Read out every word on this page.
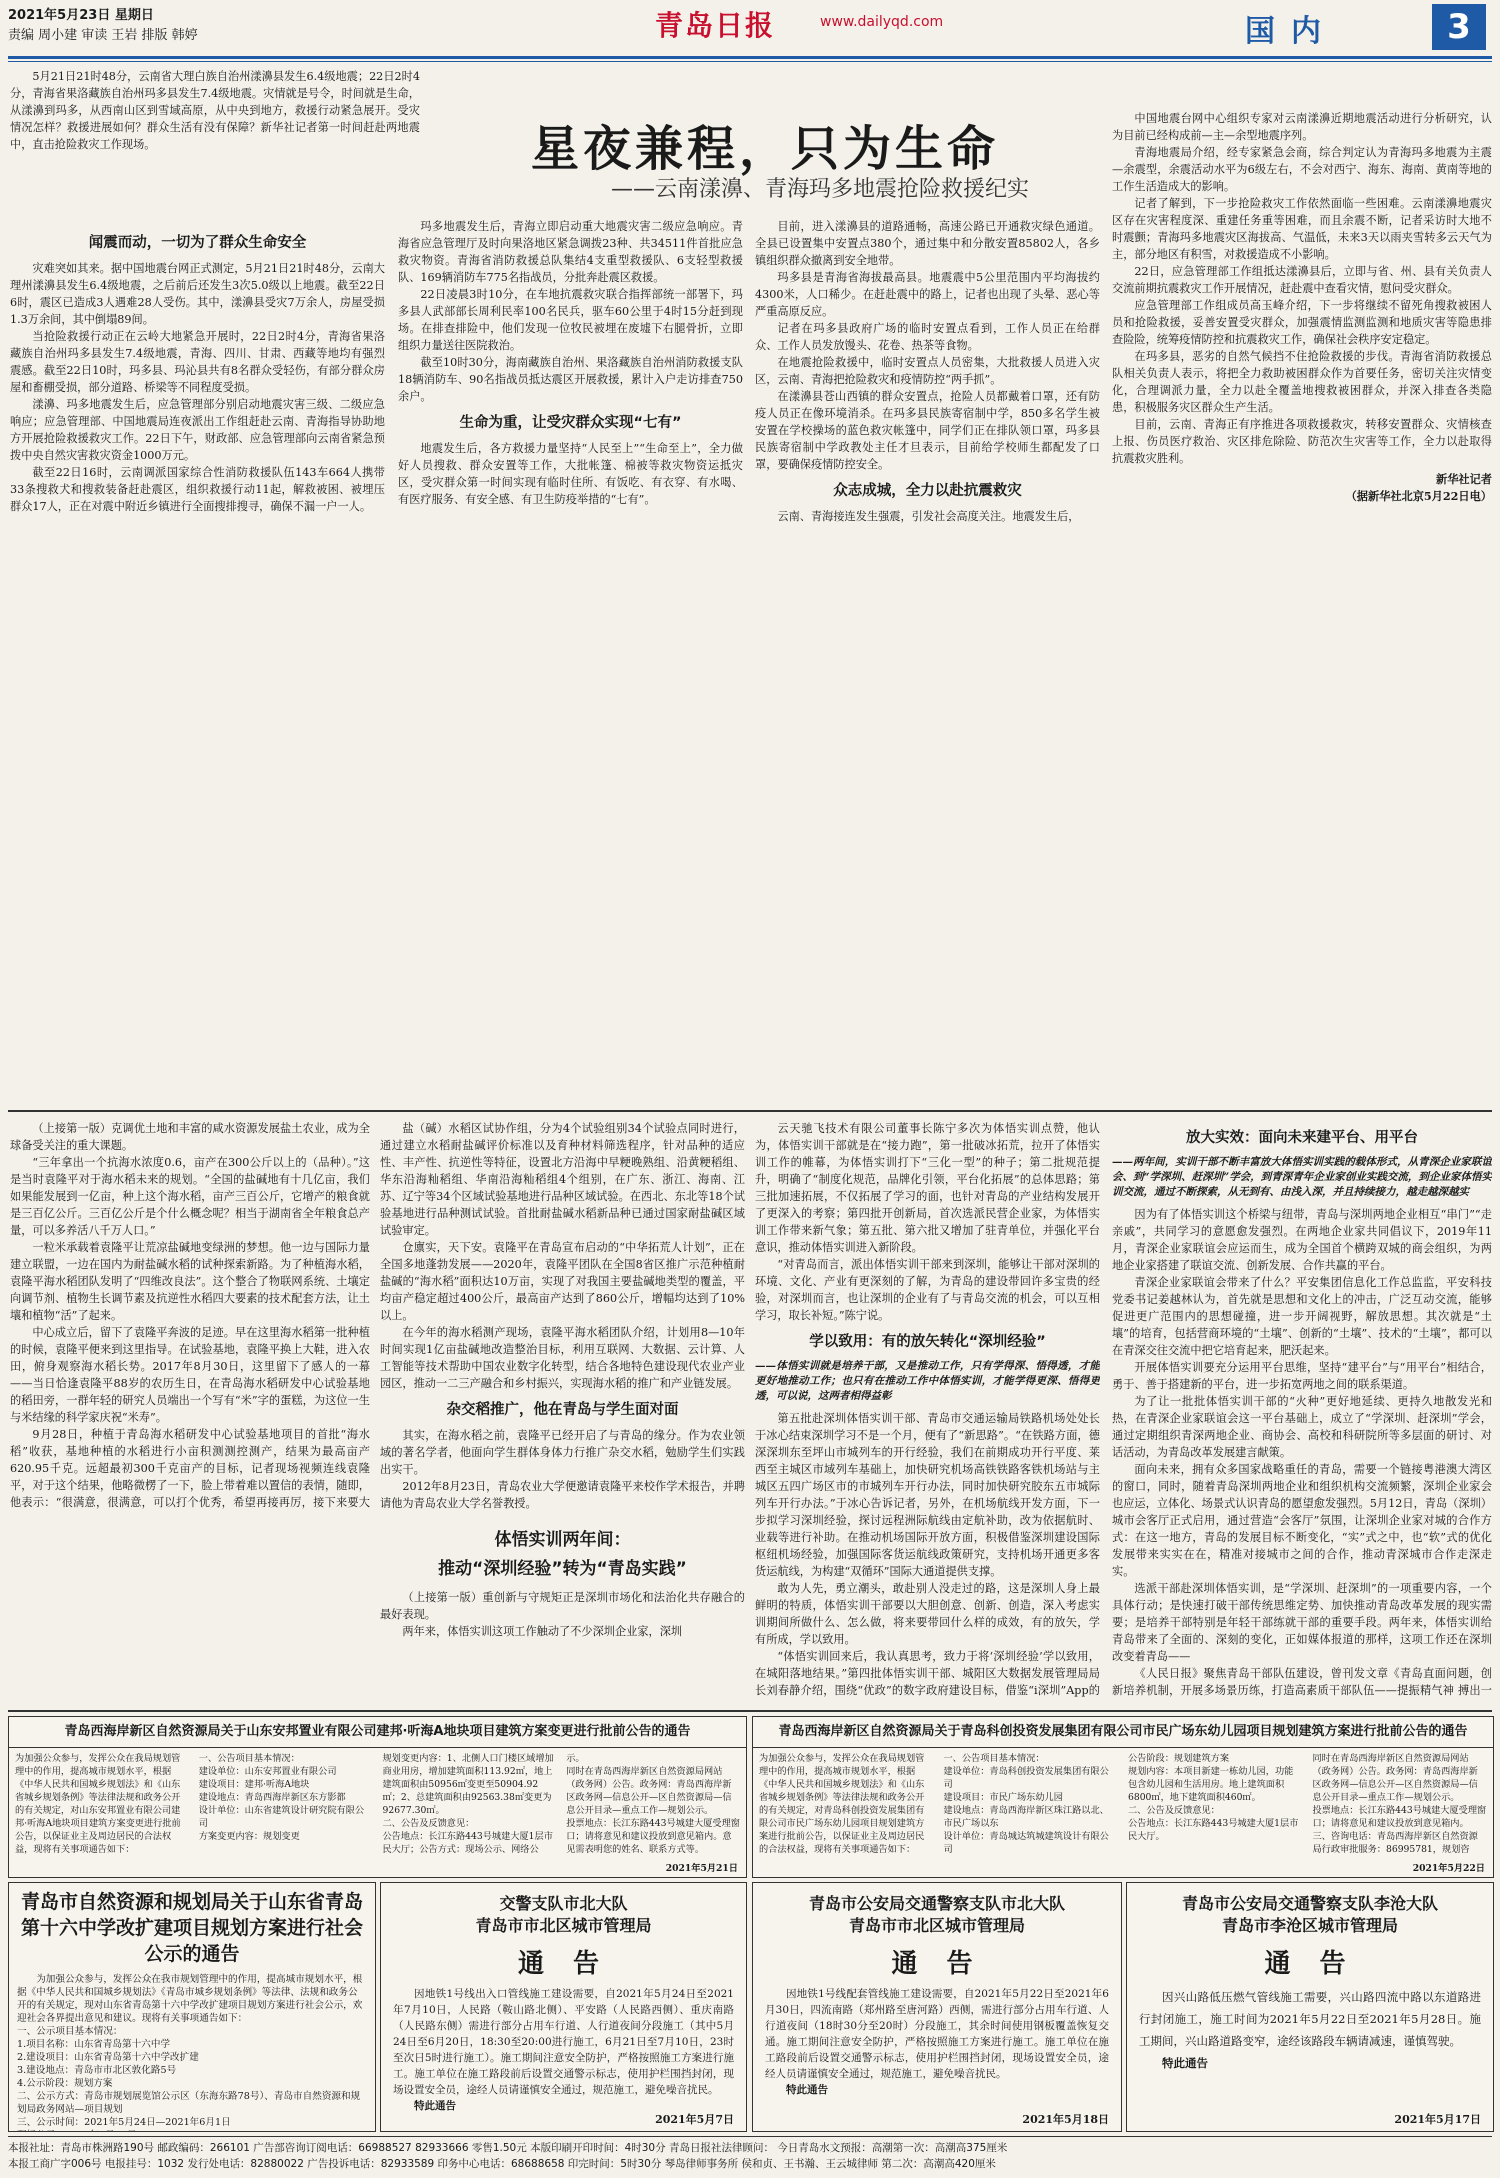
2021年5月23日 星期日
责编 周小建 审读 王岩 排版 韩婷	青岛日报	www.dailyqd.com	国内	3

5月21日21时48分，云南省大理白族自治州漾濞县发生6.4级地震；22日2时4分，青海省果洛藏族自治州玛多县发生7.4级地震。灾情就是号令，时间就是生命，从漾濞到玛多，从西南山区到雪域高原，从中央到地方，救援行动紧急展开。受灾情况怎样？救援进展如何？群众生活有没有保障？新华社记者第一时间赶赴两地震中，直击抢险救灾工作现场。	星夜兼程，只为生命
——云南漾濞、青海玛多地震抢险救援纪实
闻震而动，一切为了群众生命安全

灾难突如其来。据中国地震台网正式测定，5月21日21时48分，云南大理州漾濞县发生6.4级地震，之后前后还发生3次5.0级以上地震。截至22日6时，震区已造成3人遇难28人受伤。其中，漾濞县受灾7万余人，房屋受损1.3万余间，其中倒塌89间。

当抢险救援行动正在云岭大地紧急开展时，22日2时4分，青海省果洛藏族自治州玛多县发生7.4级地震，青海、四川、甘肃、西藏等地均有强烈震感。截至22日10时，玛多县、玛沁县共有8名群众受轻伤，有部分群众房屋和畜棚受损，部分道路、桥梁等不同程度受损。

漾濞、玛多地震发生后，应急管理部分别启动地震灾害三级、二级应急响应；应急管理部、中国地震局连夜派出工作组赶赴云南、青海指导协助地方开展抢险救援救灾工作。22日下午，财政部、应急管理部向云南省紧急预拨中央自然灾害救灾资金1000万元。

截至22日16时，云南调派国家综合性消防救援队伍143车664人携带33条搜救犬和搜救装备赶赴震区，组织救援行动11起，解救被困、被埋压群众17人，正在对震中附近乡镇进行全面搜排搜寻，确保不漏一户一人。

玛多地震发生后，青海立即启动重大地震灾害二级应急响应。青海省应急管理厅及时向果洛地区紧急调拨23种、共34511件首批应急救灾物资。青海省消防救援总队集结4支重型救援队、6支轻型救援队、169辆消防车775名指战员，分批奔赴震区救援。

22日凌晨3时10分，在车地抗震救灾联合指挥部统一部署下，玛多县人武部部长周利民率100名民兵，驱车60公里于4时15分赶到现场。在排查排险中，他们发现一位牧民被埋在废墟下右腿骨折，立即组织力量送往医院救治。

截至10时30分，海南藏族自治州、果洛藏族自治州消防救援支队18辆消防车、90名指战员抵达震区开展救援，累计入户走访排查750余户。

生命为重，让受灾群众实现“七有”

地震发生后，各方救援力量坚持“人民至上”“生命至上”，全力做好人员搜救、群众安置等工作，大批帐篷、棉被等救灾物资运抵灾区，受灾群众第一时间实现有临时住所、有饭吃、有衣穿、有水喝、有医疗服务、有安全感、有卫生防疫举措的“七有”。

目前，进入漾濞县的道路通畅，高速公路已开通救灾绿色通道。全县已设置集中安置点380个，通过集中和分散安置85802人，各乡镇组织群众撤离到安全地带。

玛多县是青海省海拔最高县。地震震中5公里范围内平均海拔约4300米，人口稀少。在赶赴震中的路上，记者也出现了头晕、恶心等严重高原反应。

记者在玛多县政府广场的临时安置点看到，工作人员正在给群众、工作人员发放馒头、花卷、热茶等食物。

在地震抢险救援中，临时安置点人员密集，大批救援人员进入灾区，云南、青海把抢险救灾和疫情防控“两手抓”。

在漾濞县苍山西镇的群众安置点，抢险人员都戴着口罩，还有防疫人员正在像环境消杀。在玛多县民族寄宿制中学，850多名学生被安置在学校操场的蓝色救灾帐篷中，同学们正在排队领口罩，玛多县民族寄宿制中学政教处主任才旦表示，目前给学校师生都配发了口罩，要确保疫情防控安全。

众志成城，全力以赴抗震救灾

云南、青海接连发生强震，引发社会高度关注。地震发生后，

中国地震台网中心组织专家对云南漾濞近期地震活动进行分析研究，认为目前已经构成前—主—余型地震序列。

青海地震局介绍，经专家紧急会商，综合判定认为青海玛多地震为主震—余震型，余震活动水平为6级左右，不会对西宁、海东、海南、黄南等地的工作生活造成大的影响。

记者了解到，下一步抢险救灾工作依然面临一些困难。云南漾濞地震灾区存在灾害程度深、重建任务重等困难，而且余震不断，记者采访时大地不时震颤；青海玛多地震灾区海拔高、气温低，未来3天以雨夹雪转多云天气为主，部分地区有积雪，对救援造成不小影响。

22日，应急管理部工作组抵达漾濞县后，立即与省、州、县有关负责人交流前期抗震救灾工作开展情况，赶赴震中查看灾情，慰问受灾群众。

应急管理部工作组成员高玉峰介绍，下一步将继续不留死角搜救被困人员和抢险救援，妥善安置受灾群众，加强震情监测监测和地质灾害等隐患排查险险，统筹疫情防控和抗震救灾工作，确保社会秩序安定稳定。

在玛多县，恶劣的自然气候挡不住抢险救援的步伐。青海省消防救援总队相关负责人表示，将把全力救助被困群众作为首要任务，密切关注灾情变化，合理调派力量，全力以赴全覆盖地搜救被困群众，并深入排查各类隐患，积极服务灾区群众生产生活。

目前，云南、青海正有序推进各项救援救灾，转移安置群众、灾情核查上报、伤员医疗救治、灾区排危除险、防范次生灾害等工作，全力以赴取得抗震救灾胜利。

新华社记者
（据新华社北京5月22日电）

（上接第一版）克调优土地和丰富的咸水资源发展盐土农业，成为全球备受关注的重大课题。

“三年拿出一个抗海水浓度0.6，亩产在300公斤以上的（品种）。”这是当时袁隆平对于海水稻未来的规划。“全国的盐碱地有十几亿亩，我们如果能发展到一亿亩，种上这个海水稻，亩产三百公斤，它增产的粮食就是三百亿公斤。三百亿公斤是个什么概念呢？相当于湖南省全年粮食总产量，可以多养活八千万人口。”

一粒米承载着袁隆平让荒凉盐碱地变绿洲的梦想。他一边与国际力量建立联盟，一边在国内为耐盐碱水稻的试种探索新路。为了种植海水稻，袁隆平海水稻团队发明了“四维改良法”。这个整合了物联网系统、土壤定向调节剂、植物生长调节素及抗逆性水稻四大要素的技术配套方法，让土壤和植物“活”了起来。

中心成立后，留下了袁隆平奔波的足迹。早在这里海水稻第一批种植的时候，袁隆平便来到这里指导。在试验基地，袁隆平换上大鞋，进入农田，俯身观察海水稻长势。2017年8月30日，这里留下了感人的一幕——当日恰逢袁隆平88岁的农历生日，在青岛海水稻研发中心试验基地的稻田旁，一群年轻的研究人员端出一个写有“米”字的蛋糕，为这位一生与米结缘的科学家庆祝“米寿”。

9月28日，种植于青岛海水稻研发中心试验基地项目的首批“海水稻”收获，基地种植的水稻进行小亩积测测控测产，结果为最高亩产620.95千克。远超最初300千克亩产的目标，记者现场视频连线袁隆平，对于这个结果，他略微楞了一下，脸上带着难以置信的表情，随即，他表示：“很满意，很满意，可以打个优秀，希望再接再厉，接下来要大

盐（碱）水稻区试协作组，分为4个试验组别34个试验点同时进行，通过建立水稻耐盐碱评价标准以及育种材料筛选程序，针对品种的适应性、丰产性、抗逆性等特征，设置北方沿海中早粳晚熟组、沿黄粳稻组、华东沿海籼稻组、华南沿海籼稻组4个组别，在广东、浙江、海南、江苏、辽宁等34个区域试验基地进行品种区域试验。在西北、东北等18个试验基地进行品种测试试验。首批耐盐碱水稻新品种已通过国家耐盐碱区域试验审定。

仓廪实，天下安。袁隆平在青岛宣布启动的“中华拓荒人计划”，正在全国多地蓬勃发展——2020年，袁隆平团队在全国8省区推广示范种植耐盐碱的“海水稻”面积达10万亩，实现了对我国主要盐碱地类型的覆盖，平均亩产稳定超过400公斤，最高亩产达到了860公斤，增幅均达到了10%以上。

在今年的海水稻测产现场，袁隆平海水稻团队介绍，计划用8—10年时间实现1亿亩盐碱地改造整治目标，利用互联网、大数据、云计算、人工智能等技术帮助中国农业数字化转型，结合各地特色建设现代农业产业园区，推动一二三产融合和乡村振兴，实现海水稻的推广和产业链发展。

杂交稻推广，他在青岛与学生面对面

其实，在海水稻之前，袁隆平已经开启了与青岛的缘分。作为农业领域的著名学者，他面向学生群体身体力行推广杂交水稻，勉励学生们实践出实干。

2012年8月23日，青岛农业大学便邀请袁隆平来校作学术报告，并聘请他为青岛农业大学名誉教授。

体悟实训两年间：
推动“深圳经验”转为“青岛实践”

（上接第一版）重创新与守规矩正是深圳市场化和法治化共存融合的最好表现。

两年来，体悟实训这项工作触动了不少深圳企业家，深圳

云天驰飞技术有限公司董事长陈宁多次为体悟实训点赞，他认为，体悟实训干部就是在“接力跑”，第一批破冰拓荒，拉开了体悟实训工作的帷幕，为体悟实训打下“三化一型”的种子；第二批规范提升，明确了“制度化规范，品牌化引领，平台化拓展”的总体思路；第三批加速拓展，不仅拓展了学习的面，也针对青岛的产业结构发展开了更深入的考察；第四批开创新局，首次选派民营企业家，为体悟实训工作带来新气象；第五批、第六批又增加了驻青单位，并强化平台意识，推动体悟实训进入新阶段。

“对青岛而言，派出体悟实训干部来到深圳，能够让干部对深圳的环境、文化、产业有更深刻的了解，为青岛的建设带回许多宝贵的经验，对深圳而言，也让深圳的企业有了与青岛交流的机会，可以互相学习，取长补短。”陈宁说。

学以致用：有的放矢转化“深圳经验”
——体悟实训就是培养干部，又是推动工作，只有学得深、悟得透，才能更好地推动工作；也只有在推动工作中体悟实训，才能学得更深、悟得更透，可以说，这两者相得益彰

第五批赴深圳体悟实训干部、青岛市交通运输局铁路机场处处长于冰心结束深圳学习不是一个月，便有了“新思路”。“在铁路方面，德深深圳东至坪山市城列车的开行经验，我们在前期成功开行平度、莱西至主城区市域列车基础上，加快研究机场高铁铁路客铁机场站与主城区五四广场区市的市城列车开行办法，同时加快研究胶东五市城际列车开行办法。”于冰心告诉记者，另外，在机场航线开发方面，下一步拟学习深圳经验，探讨远程洲际航线由定航补助，改为依据航时、业载等进行补助。在推动机场国际开放方面，积极借鉴深圳建设国际枢纽机场经验，加强国际客货运航线政策研究，支持机场开通更多客货运航线，为构建“双循环”国际大通道提供支撑。

敢为人先，勇立潮头，敢赴别人没走过的路，这是深圳人身上最鲜明的特质，体悟实训干部要以大胆创意、创新、创造，深入考虑实训期间所做什么、怎么做，将来要带回什么样的成效，有的放矢，学有所成，学以致用。

“体悟实训回来后，我认真思考，致力于将‘深圳经验’学以致用，在城阳落地结果。”第四批体悟实训干部、城阳区大数据发展管理局局长刘春静介绍，围绕“优政”的数字政府建设目标，借鉴“i深圳”App的

放大实效：面向未来建平台、用平台
——两年间，实训干部不断丰富放大体悟实训实践的载体形式，从青深企业家联谊会、到“学深圳、赶深圳”学会，到青深青年企业家创业实践交流，到企业家体悟实训交流，通过不断探索，从无到有、由浅入深，并且持续接力，越走越深越实

因为有了体悟实训这个桥梁与纽带，青岛与深圳两地企业相互“串门”“走亲戚”，共同学习的意愿愈发强烈。在两地企业家共同倡议下，2019年11月，青深企业家联谊会应运而生，成为全国首个横跨双城的商会组织，为两地企业家搭建了联谊交流、创新发展、合作共赢的平台。

青深企业家联谊会带来了什么？平安集团信息化工作总监监，平安科技党委书记姜越林认为，首先就是思想和文化上的冲击，广泛互动交流，能够促进更广范围内的思想碰撞，进一步开阔视野，解放思想。其次就是“土壤”的培育，包括营商环境的“土壤”、创新的“土壤”、技术的“土壤”，都可以在青深交往交流中把它培育起来，肥沃起来。

开展体悟实训要充分运用平台思维，坚持“建平台”与“用平台”相结合，勇于、善于搭建新的平台，进一步拓宽两地之间的联系渠道。

为了让一批批体悟实训干部的“火种”更好地延续、更持久地散发光和热，在青深企业家联谊会这一平台基础上，成立了“学深圳、赶深圳”学会，通过定期组织青深两地企业、商协会、高校和科研院所等多层面的研讨、对话活动，为青岛改革发展建言献策。

面向未来，拥有众多国家战略重任的青岛，需要一个链接粤港澳大湾区的窗口，同时，随着青岛深圳两地企业和组织机构交流频繁，深圳企业家会也应运，立体化、场景式认识青岛的愿望愈发强烈。5月12日，青岛（深圳）城市会客厅正式启用，通过营造“会客厅”氛围，让深圳企业家对城的合作方式：在这一地方，青岛的发展目标不断变化，“实”式之中，也“软”式的优化发展带来实实在在，精准对接城市之间的合作，推动青深城市合作走深走实。

选派干部赴深圳体悟实训，是“学深圳、赶深圳”的一项重要内容，一个具体行动；是快速打破干部传统思维定势、加快推动青岛改革发展的现实需要；是培养干部特别是年轻干部练就干部的重要手段。两年来，体悟实训给青岛带来了全面的、深刻的变化，正如媒体报道的那样，这项工作还在深圳改变着青岛——

《人民日报》聚焦青岛干部队伍建设，曾刊发文章《青岛直面问题，创新培养机制，开展多场景历练，打造高素质干部队伍——提振精气神 搏出一

青岛西海岸新区自然资源局关于山东安邦置业有限公司建邦·听海A地块项目建筑方案变更进行批前公告的通告

为加强公众参与，发挥公众在我局规划管理中的作用，提高城市规划水平，根据《中华人民共和国城乡规划法》和《山东省城乡规划条例》等法律法规和政务公开的有关规定，对山东安邦置业有限公司建邦·听海A地块项目建筑方案变更进行批前公告，以保证业主及周边居民的合法权益，现将有关事项通告如下：

一、公告项目基本情况：

建设单位：山东安邦置业有限公司

建设项目：建邦·听海A地块

建设地点：青岛西海岸新区东方影都

设计单位：山东省建筑设计研究院有限公司

方案变更内容：规划变更

规划变更内容：1、北侧人口门楼区域增加商业用房，增加建筑面积113.92㎡，地上建筑面积由50956㎡变更至50904.92㎡；2、总建筑面积由92563.38㎡变更为92677.30㎡。

二、公告及反馈意见：

公告地点：长江东路443号城建大厦1层市民大厅；公告方式：现场公示、网络公示。

同时在青岛西海岸新区自然资源局网站（政务网）公告。政务网：青岛西海岸新区政务网—信息公开—区自然资源局—信息公开目录—重点工作—规划公示。

投票地点：长江东路443号城建大厦受理窗口；请将意见和建议投放到意见箱内。意见需表明您的姓名、联系方式等。

2021年5月21日
青岛西海岸新区自然资源局关于青岛科创投资发展集团有限公司市民广场东幼儿园项目规划建筑方案进行批前公告的通告

为加强公众参与，发挥公众在我局规划管理中的作用，提高城市规划水平，根据《中华人民共和国城乡规划法》和《山东省城乡规划条例》等法律法规和政务公开的有关规定，对青岛科创投资发展集团有限公司市民广场东幼儿园项目规划建筑方案进行批前公告，以保证业主及周边居民的合法权益，现将有关事项通告如下：

一、公告项目基本情况：

建设单位：青岛科创投资发展集团有限公司

建设项目：市民广场东幼儿园

建设地点：青岛西海岸新区珠江路以北、市民广场以东

设计单位：青岛城达筑城建筑设计有限公司

公告阶段：规划建筑方案

规划内容：本项目新建一栋幼儿园，功能包含幼儿园和生活用房。地上建筑面积6800㎡，地下建筑面积460㎡。

二、公告及反馈意见：

公告地点：长江东路443号城建大厦1层市民大厅。

同时在青岛西海岸新区自然资源局网站（政务网）公告。政务网：青岛西海岸新区政务网—信息公开—区自然资源局—信息公开目录—重点工作—规划公示。

投票地点：长江东路443号城建大厦受理窗口；请将意见和建议投放到意见箱内。

三、咨询电话：青岛西海岸新区自然资源局行政审批服务：86995781，规划咨

2021年5月22日
青岛市自然资源和规划局关于山东省青岛第十六中学改扩建项目规划方案进行社会公示的通告

为加强公众参与，发挥公众在我市规划管理中的作用，提高城市规划水平，根据《中华人民共和国城乡规划法》《青岛市城乡规划条例》等法律、法规和政务公开的有关规定，现对山东省青岛第十六中学改扩建项目规划方案进行社会公示，欢迎社会各界提出意见和建议。现将有关事项通告如下：

一、公示项目基本情况：

1.项目名称：山东省青岛第十六中学

2.建设项目：山东省青岛第十六中学改扩建

3.建设地点：青岛市市北区敦化路5号

4.公示阶段：规划方案

二、公示方式：青岛市规划展览馆公示区（东海东路78号）、青岛市自然资源和规划局政务网站—项目规划

三、公示时间：2021年5月24日—2021年6月1日

交警支队市北大队
青岛市市北区城市管理局
通 告

因地铁1号线出入口管线施工建设需要，自2021年5月24日至2021年7月10日，人民路（鞍山路北侧）、平安路（人民路西侧）、重庆南路（人民路东侧）需进行部分占用车行道、人行道夜间分段施工（其中5月24日至6月20日，18:30至20:00进行施工，6月21日至7月10日，23时至次日5时进行施工）。施工期间注意安全防护，严格按照施工方案进行施工。施工单位在施工路段前后设置交通警示标志，使用护栏围挡封闭，现场设置安全员，途经人员请谨慎安全通过，规范施工，避免噪音扰民。

特此通告

2021年5月7日
青岛市公安局交通警察支队市北大队
青岛市市北区城市管理局
通 告

因地铁1号线配套管线施工建设需要，自2021年5月22日至2021年6月30日，四流南路（郑州路至唐河路）西侧，需进行部分占用车行道、人行道夜间（18时30分至20时）分段施工，其余时间使用钢板覆盖恢复交通。施工期间注意安全防护，严格按照施工方案进行施工。施工单位在施工路段前后设置交通警示标志，使用护栏围挡封闭，现场设置安全员，途经人员请谨慎安全通过，规范施工，避免噪音扰民。

特此通告

2021年5月18日
青岛市公安局交通警察支队李沧大队
青岛市李沧区城市管理局
通 告

因兴山路低压燃气管线施工需要，兴山路四流中路以东道路进行封闭施工，施工时间为2021年5月22日至2021年5月28日。施工期间，兴山路道路变窄，途经该路段车辆请减速，谨慎驾驶。

特此通告

2021年5月17日
本报社址：青岛市株洲路190号 邮政编码：266101 广告部咨询订阅电话：66988527 82933666 零售1.50元 本版印刷开印时间：4时30分 青岛日报社法律顾问： 今日青岛水文预报：高潮第一次：高潮高375厘米
本报工商广字006号 电报挂号：1032 发行处电话：82880022 广告投诉电话：82933589 印务中心电话：68688658 印完时间：5时30分 琴岛律师事务所 侯和贞、王书瀚、王云城律师 第二次：高潮高420厘米
